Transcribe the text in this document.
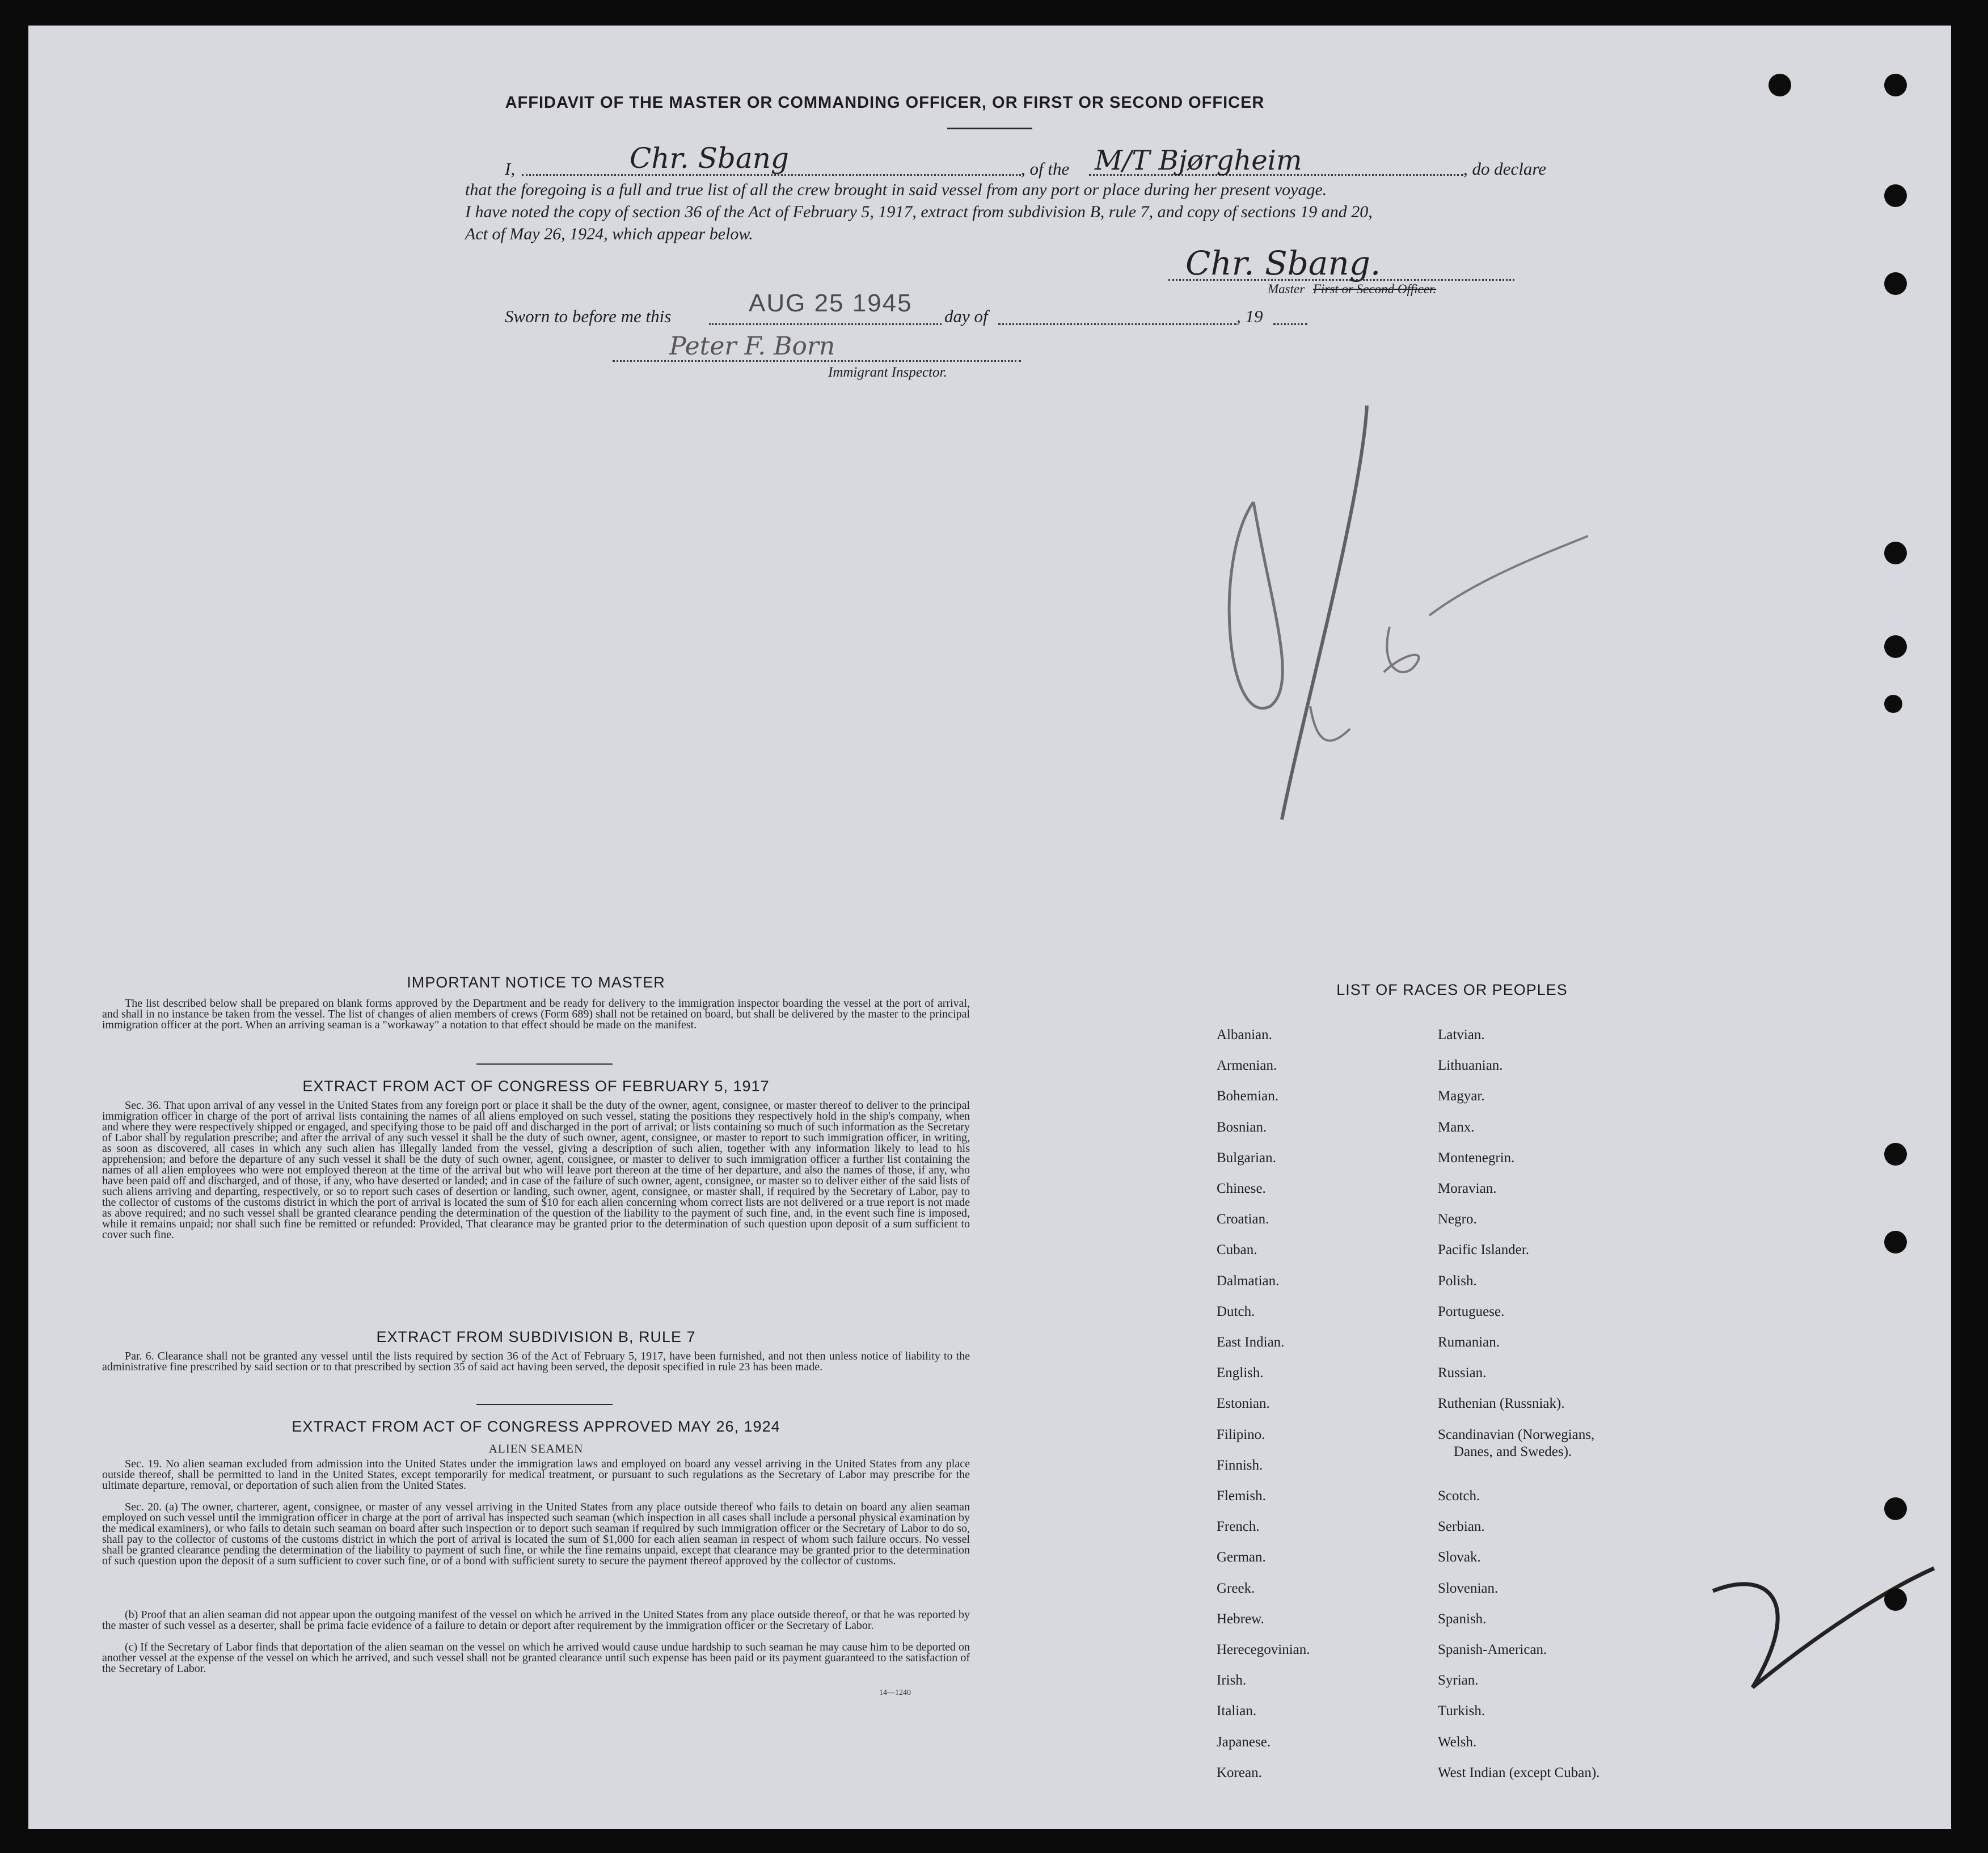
AFFIDAVIT OF THE MASTER OR COMMANDING OFFICER, OR FIRST OR SECOND OFFICER
I,	Chr. Sbang	, of the M/T Bjørgheim	, do declare
that the foregoing is a full and true list of all the crew brought in said vessel from any port or place during her present voyage.
I have noted the copy of section 36 of the Act of February 5, 1917, extract from subdivision B, rule 7, and copy of sections 19 and 20,
Act of May 26, 1924, which appear below.
Chr. Sbang.
Master First or Second Officer.
Sworn to before me this	AUG 25 1945 day of	, 19
Peter F. Born
Immigrant Inspector.
IMPORTANT NOTICE TO MASTER
The list described below shall be prepared on blank forms approved by the Department and be ready for delivery to the immigration inspector boarding the vessel at the port of arrival, and shall in no instance be taken from the vessel. The list of changes of alien members of crews (Form 689) shall not be retained on board, but shall be delivered by the master to the principal immigration officer at the port. When an arriving seaman is a "workaway" a notation to that effect should be made on the manifest.
EXTRACT FROM ACT OF CONGRESS OF FEBRUARY 5, 1917
Sec. 36. That upon arrival of any vessel in the United States from any foreign port or place it shall be the duty of the owner, agent, consignee, or master thereof to deliver to the principal immigration officer in charge of the port of arrival lists containing the names of all aliens employed on such vessel, stating the positions they respectively hold in the ship's company, when and where they were respectively shipped or engaged, and specifying those to be paid off and discharged in the port of arrival; or lists containing so much of such information as the Secretary of Labor shall by regulation prescribe; and after the arrival of any such vessel it shall be the duty of such owner, agent, consignee, or master to report to such immigration officer, in writing, as soon as discovered, all cases in which any such alien has illegally landed from the vessel, giving a description of such alien, together with any information likely to lead to his apprehension; and before the departure of any such vessel it shall be the duty of such owner, agent, consignee, or master to deliver to such immigration officer a further list containing the names of all alien employees who were not employed thereon at the time of the arrival but who will leave port thereon at the time of her departure, and also the names of those, if any, who have been paid off and discharged, and of those, if any, who have deserted or landed; and in case of the failure of such owner, agent, consignee, or master so to deliver either of the said lists of such aliens arriving and departing, respectively, or so to report such cases of desertion or landing, such owner, agent, consignee, or master shall, if required by the Secretary of Labor, pay to the collector of customs of the customs district in which the port of arrival is located the sum of $10 for each alien concerning whom correct lists are not delivered or a true report is not made as above required; and no such vessel shall be granted clearance pending the determination of the question of the liability to the payment of such fine, and, in the event such fine is imposed, while it remains unpaid; nor shall such fine be remitted or refunded: Provided, That clearance may be granted prior to the determination of such question upon deposit of a sum sufficient to cover such fine.
EXTRACT FROM SUBDIVISION B, RULE 7
Par. 6. Clearance shall not be granted any vessel until the lists required by section 36 of the Act of February 5, 1917, have been furnished, and not then unless notice of liability to the administrative fine prescribed by said section or to that prescribed by section 35 of said act having been served, the deposit specified in rule 23 has been made.
EXTRACT FROM ACT OF CONGRESS APPROVED MAY 26, 1924
ALIEN SEAMEN
Sec. 19. No alien seaman excluded from admission into the United States under the immigration laws and employed on board any vessel arriving in the United States from any place outside thereof, shall be permitted to land in the United States, except temporarily for medical treatment, or pursuant to such regulations as the Secretary of Labor may prescribe for the ultimate departure, removal, or deportation of such alien from the United States.
Sec. 20. (a) The owner, charterer, agent, consignee, or master of any vessel arriving in the United States from any place outside thereof who fails to detain on board any alien seaman employed on such vessel until the immigration officer in charge at the port of arrival has inspected such seaman (which inspection in all cases shall include a personal physical examination by the medical examiners), or who fails to detain such seaman on board after such inspection or to deport such seaman if required by such immigration officer or the Secretary of Labor to do so, shall pay to the collector of customs of the customs district in which the port of arrival is located the sum of $1,000 for each alien seaman in respect of whom such failure occurs. No vessel shall be granted clearance pending the determination of the liability to payment of such fine, or while the fine remains unpaid, except that clearance may be granted prior to the determination of such question upon the deposit of a sum sufficient to cover such fine, or of a bond with sufficient surety to secure the payment thereof approved by the collector of customs.
(b) Proof that an alien seaman did not appear upon the outgoing manifest of the vessel on which he arrived in the United States from any place outside thereof, or that he was reported by the master of such vessel as a deserter, shall be prima facie evidence of a failure to detain or deport after requirement by the immigration officer or the Secretary of Labor.
(c) If the Secretary of Labor finds that deportation of the alien seaman on the vessel on which he arrived would cause undue hardship to such seaman he may cause him to be deported on another vessel at the expense of the vessel on which he arrived, and such vessel shall not be granted clearance until such expense has been paid or its payment guaranteed to the satisfaction of the Secretary of Labor.
14—1240
LIST OF RACES OR PEOPLES
Albanian.
Armenian.
Bohemian.
Bosnian.
Bulgarian.
Chinese.
Croatian.
Cuban.
Dalmatian.
Dutch.
East Indian.
English.
Estonian.
Filipino.
Finnish.
Flemish.
French.
German.
Greek.
Hebrew.
Herecegovinian.
Irish.
Italian.
Japanese.
Korean.
Latvian.
Lithuanian.
Magyar.
Manx.
Montenegrin.
Moravian.
Negro.
Pacific Islander.
Polish.
Portuguese.
Rumanian.
Russian.
Ruthenian (Russniak).
Scandinavian (Norwegians,
Danes, and Swedes).
Scotch.
Serbian.
Slovak.
Slovenian.
Spanish.
Spanish-American.
Syrian.
Turkish.
Welsh.
West Indian (except Cuban).
